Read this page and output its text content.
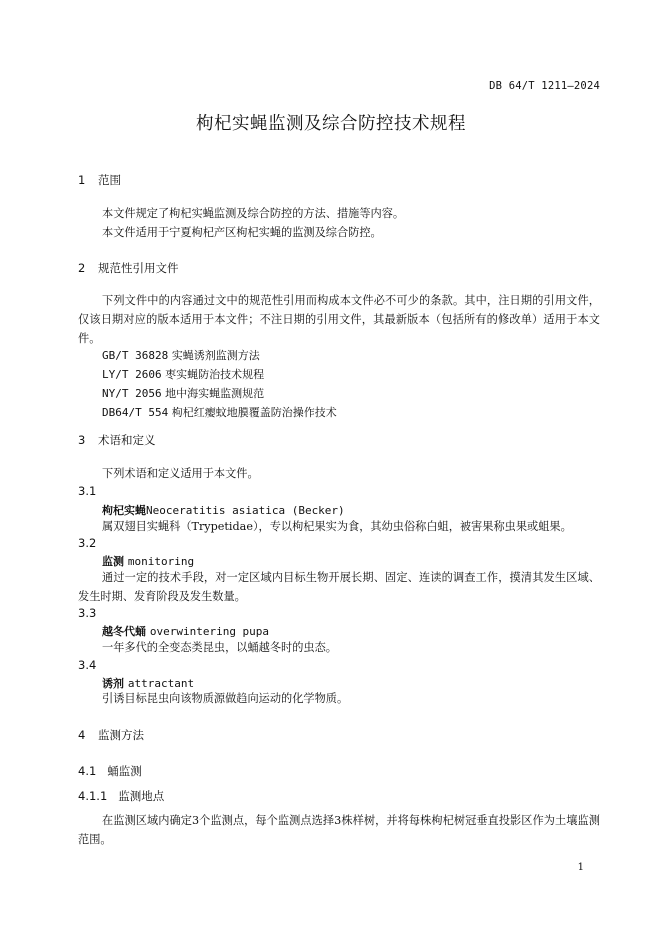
DB 64/T 1211—2024
枸杞实蝇监测及综合防控技术规程
1 范围
本文件规定了枸杞实蝇监测及综合防控的方法、措施等内容。
本文件适用于宁夏枸杞产区枸杞实蝇的监测及综合防控。
2 规范性引用文件
下列文件中的内容通过文中的规范性引用而构成本文件必不可少的条款。其中，注日期的引用文件，仅该日期对应的版本适用于本文件；不注日期的引用文件，其最新版本（包括所有的修改单）适用于本文件。
GB/T 36828 实蝇诱剂监测方法
LY/T 2606 枣实蝇防治技术规程
NY/T 2056 地中海实蝇监测规范
DB64/T 554 枸杞红瘿蚊地膜覆盖防治操作技术
3 术语和定义
下列术语和定义适用于本文件。
3.1
枸杞实蝇Neoceratitis asiatica (Becker)
属双翅目实蝇科（Trypetidae），专以枸杞果实为食，其幼虫俗称白蛆，被害果称虫果或蛆果。
3.2
监测 monitoring
通过一定的技术手段，对一定区域内目标生物开展长期、固定、连读的调查工作，摸清其发生区域、发生时期、发育阶段及发生数量。
3.3
越冬代蛹 overwintering pupa
一年多代的全变态类昆虫，以蛹越冬时的虫态。
3.4
诱剂 attractant
引诱目标昆虫向该物质源做趋向运动的化学物质。
4 监测方法
4.1 蛹监测
4.1.1 监测地点
在监测区域内确定3个监测点，每个监测点选择3株样树，并将每株枸杞树冠垂直投影区作为土壤监测范围。
1
